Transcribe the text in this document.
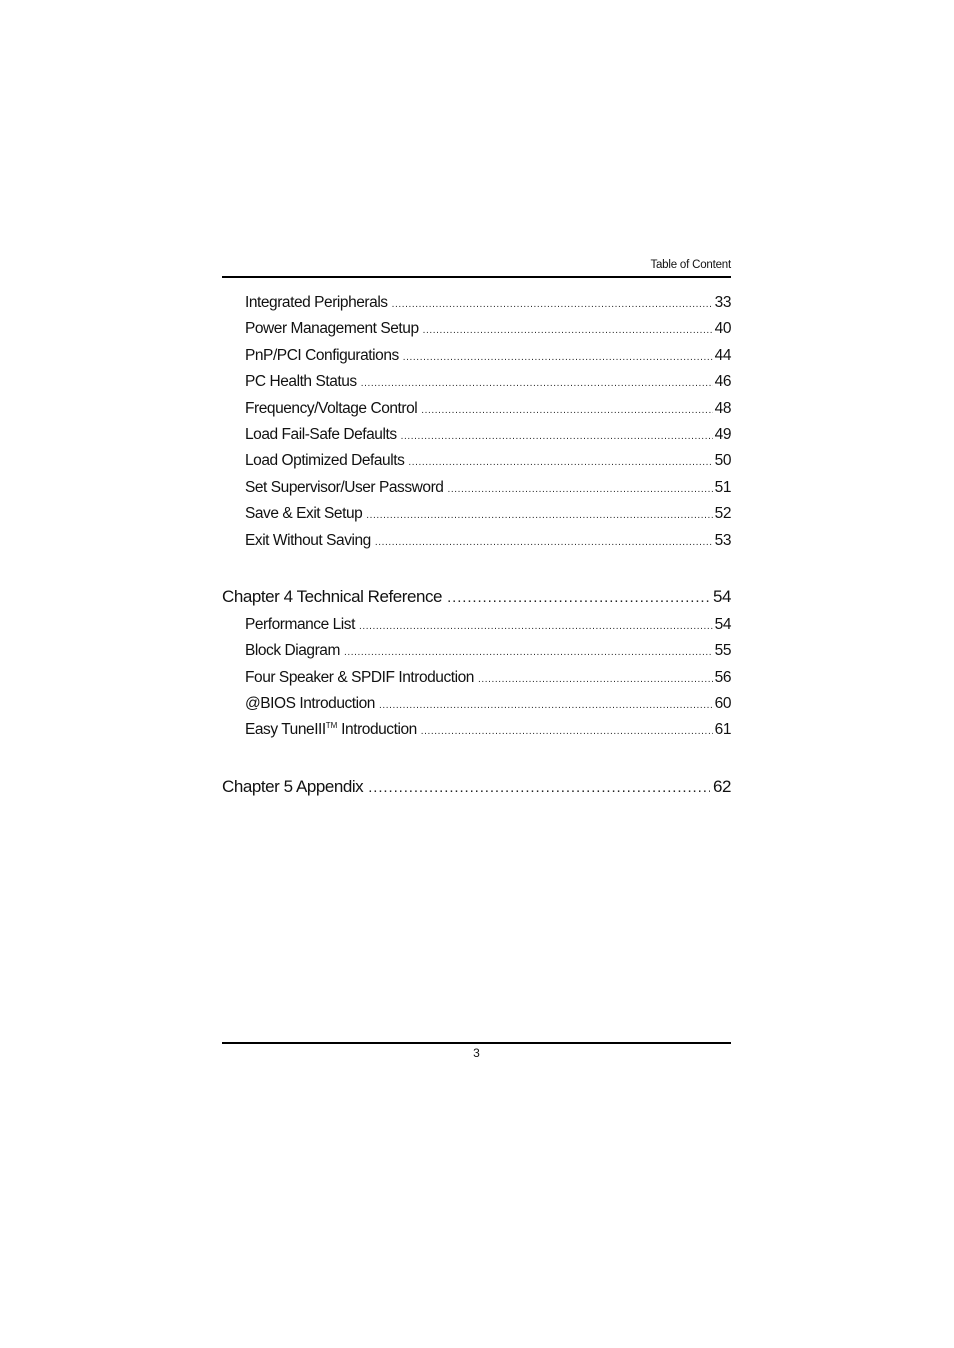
Table of Content
Integrated Peripherals .....	33
Power Management Setup .....	40
PnP/PCI Configurations .....	44
PC Health Status .....	46
Frequency/Voltage Control .....	48
Load Fail-Safe Defaults .....	49
Load Optimized Defaults .....	50
Set Supervisor/User Password .....	51
Save & Exit Setup .....	52
Exit Without Saving .....	53
Chapter 4 Technical Reference .....	54
Performance List .....	54
Block Diagram .....	55
Four Speaker & SPDIF Introduction .....	56
@BIOS Introduction .....	60
Easy TuneIII™ Introduction .....	61
Chapter 5 Appendix .....	62
3
